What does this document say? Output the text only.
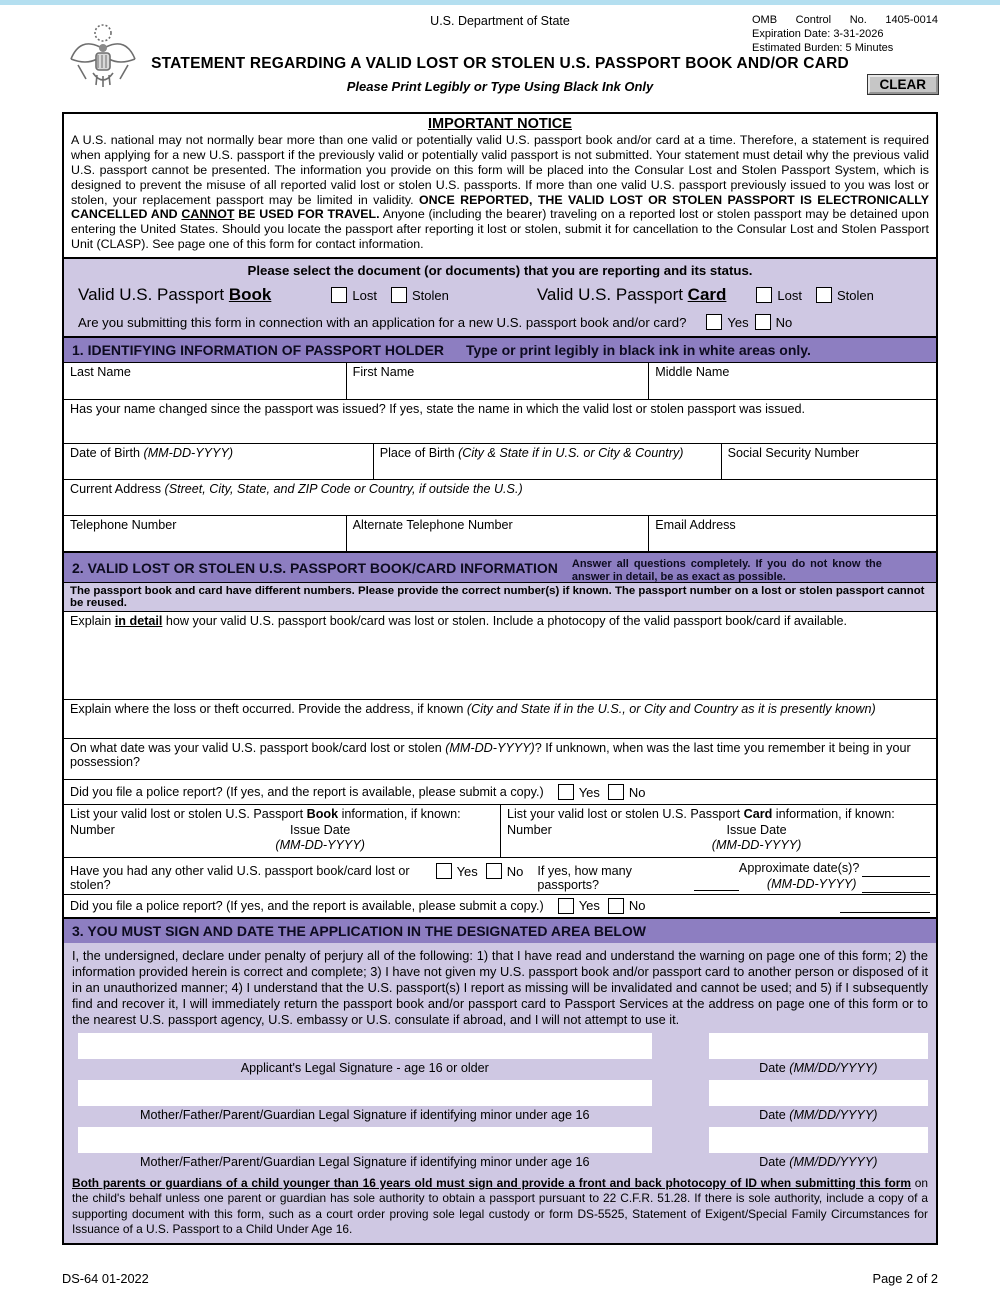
U.S. Department of State	OMB Control No. 1405-0014
Expiration Date: 3-31-2026
Estimated Burden: 5 Minutes
STATEMENT REGARDING A VALID LOST OR STOLEN U.S. PASSPORT BOOK AND/OR CARD
Please Print Legibly or Type Using Black Ink Only	CLEAR
IMPORTANT NOTICE
A U.S. national may not normally bear more than one valid or potentially valid U.S. passport book and/or card at a time. Therefore, a statement is required when applying for a new U.S. passport if the previously valid or potentially valid passport is not submitted. Your statement must detail why the previous valid U.S. passport cannot be presented. The information you provide on this form will be placed into the Consular Lost and Stolen Passport System, which is designed to prevent the misuse of all reported valid lost or stolen U.S. passports. If more than one valid U.S. passport previously issued to you was lost or stolen, your replacement passport may be limited in validity. ONCE REPORTED, THE VALID LOST OR STOLEN PASSPORT IS ELECTRONICALLY CANCELLED AND CANNOT BE USED FOR TRAVEL. Anyone (including the bearer) traveling on a reported lost or stolen passport may be detained upon entering the United States. Should you locate the passport after reporting it lost or stolen, submit it for cancellation to the Consular Lost and Stolen Passport Unit (CLASP). See page one of this form for contact information.
Please select the document (or documents) that you are reporting and its status.
Valid U.S. Passport Book	Lost	Stolen	Valid U.S. Passport Card	Lost	Stolen
Are you submitting this form in connection with an application for a new U.S. passport book and/or card?	Yes No
1. IDENTIFYING INFORMATION OF PASSPORT HOLDER Type or print legibly in black ink in white areas only.
Last Name	First Name	Middle Name
Has your name changed since the passport was issued? If yes, state the name in which the valid lost or stolen passport was issued.
Date of Birth (MM-DD-YYYY)	Place of Birth (City & State if in U.S. or City & Country)	Social Security Number
Current Address (Street, City, State, and ZIP Code or Country, if outside the U.S.)
Telephone Number	Alternate Telephone Number	Email Address
2. VALID LOST OR STOLEN U.S. PASSPORT BOOK/CARD INFORMATION Answer all questions completely. If you do not know the answer in detail, be as exact as possible.
The passport book and card have different numbers. Please provide the correct number(s) if known. The passport number on a lost or stolen passport cannot be reused.
Explain in detail how your valid U.S. passport book/card was lost or stolen. Include a photocopy of the valid passport book/card if available.
Explain where the loss or theft occurred. Provide the address, if known (City and State if in the U.S., or City and Country as it is presently known)
On what date was your valid U.S. passport book/card lost or stolen (MM-DD-YYYY)? If unknown, when was the last time you remember it being in your possession?
Did you file a police report? (If yes, and the report is available, please submit a copy.)	Yes No
List your valid lost or stolen U.S. Passport Book information, if known:
Number	Issue Date
(MM-DD-YYYY)
List your valid lost or stolen U.S. Passport Card information, if known:
Number	Issue Date
(MM-DD-YYYY)
Have you had any other valid U.S. passport book/card lost or stolen?
Yes No If yes, how many passports?
Approximate date(s)?
(MM-DD-YYYY)
Did you file a police report? (If yes, and the report is available, please submit a copy.)	Yes No
3. YOU MUST SIGN AND DATE THE APPLICATION IN THE DESIGNATED AREA BELOW
I, the undersigned, declare under penalty of perjury all of the following: 1) that I have read and understand the warning on page one of this form; 2) the information provided herein is correct and complete; 3) I have not given my U.S. passport book and/or passport card to another person or disposed of it in an unauthorized manner; 4) I understand that the U.S. passport(s) I report as missing will be invalidated and cannot be used; and 5) if I subsequently find and recover it, I will immediately return the passport book and/or passport card to Passport Services at the address on page one of this form or to the nearest U.S. passport agency, U.S. embassy or U.S. consulate if abroad, and I will not attempt to use it.
Applicant's Legal Signature - age 16 or older	Date (MM/DD/YYYY)
Mother/Father/Parent/Guardian Legal Signature if identifying minor under age 16	Date (MM/DD/YYYY)
Mother/Father/Parent/Guardian Legal Signature if identifying minor under age 16	Date (MM/DD/YYYY)
Both parents or guardians of a child younger than 16 years old must sign and provide a front and back photocopy of ID when submitting this form on the child's behalf unless one parent or guardian has sole authority to obtain a passport pursuant to 22 C.F.R. 51.28. If there is sole authority, include a copy of a supporting document with this form, such as a court order proving sole legal custody or form DS-5525, Statement of Exigent/Special Family Circumstances for Issuance of a U.S. Passport to a Child Under Age 16.
DS-64 01-2022	Page 2 of 2
